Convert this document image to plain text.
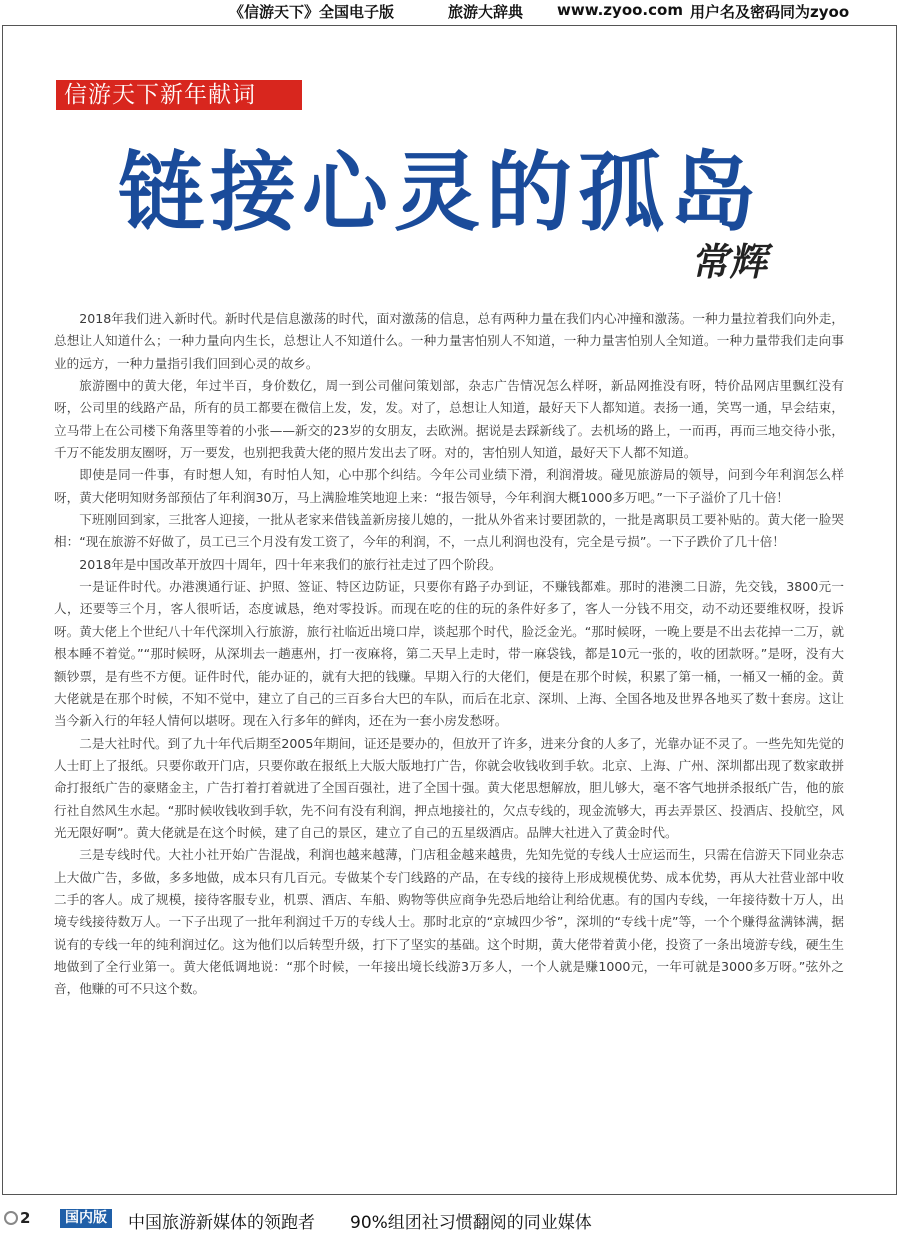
《信游天下》全国电子版	旅游大辞典 www.zyoo.com 用户名及密码同为zyoo
信游天下新年献词
链接心灵的孤岛
常辉

2018年我们进入新时代。新时代是信息激荡的时代，面对激荡的信息，总有两种力量在我们内心冲撞和激荡。一种力量拉着我们向外走，总想让人知道什么；一种力量向内生长，总想让人不知道什么。一种力量害怕别人不知道，一种力量害怕别人全知道。一种力量带我们走向事业的远方，一种力量指引我们回到心灵的故乡。

旅游圈中的黄大佬，年过半百，身价数亿，周一到公司催问策划部，杂志广告情况怎么样呀，新品网推没有呀，特价品网店里飘红没有呀，公司里的线路产品，所有的员工都要在微信上发，发，发。对了，总想让人知道，最好天下人都知道。表扬一通，笑骂一通，早会结束，立马带上在公司楼下角落里等着的小张——新交的23岁的女朋友，去欧洲。据说是去踩新线了。去机场的路上，一而再，再而三地交待小张，千万不能发朋友圈呀，万一要发，也别把我黄大佬的照片发出去了呀。对的，害怕别人知道，最好天下人都不知道。

即使是同一件事，有时想人知，有时怕人知，心中那个纠结。今年公司业绩下滑，利润滑坡。碰见旅游局的领导，问到今年利润怎么样呀，黄大佬明知财务部预估了年利润30万，马上满脸堆笑地迎上来：“报告领导，今年利润大概1000多万吧。”一下子溢价了几十倍！

下班刚回到家，三批客人迎接，一批从老家来借钱盖新房接儿媳的，一批从外省来讨要团款的，一批是离职员工要补贴的。黄大佬一脸哭相：“现在旅游不好做了，员工已三个月没有发工资了，今年的利润，不，一点儿利润也没有，完全是亏损”。一下子跌价了几十倍！

2018年是中国改革开放四十周年，四十年来我们的旅行社走过了四个阶段。

一是证件时代。办港澳通行证、护照、签证、特区边防证，只要你有路子办到证，不赚钱都难。那时的港澳二日游，先交钱，3800元一人，还要等三个月，客人很听话，态度诚恳，绝对零投诉。而现在吃的住的玩的条件好多了，客人一分钱不用交，动不动还要维权呀，投诉呀。黄大佬上个世纪八十年代深圳入行旅游，旅行社临近出境口岸，谈起那个时代，脸泛金光。“那时候呀，一晚上要是不出去花掉一二万，就根本睡不着觉。”“那时候呀，从深圳去一趟惠州，打一夜麻将，第二天早上走时，带一麻袋钱，都是10元一张的，收的团款呀。”是呀，没有大额钞票，是有些不方便。证件时代，能办证的，就有大把的钱赚。早期入行的大佬们，便是在那个时候，积累了第一桶，一桶又一桶的金。黄大佬就是在那个时候，不知不觉中，建立了自己的三百多台大巴的车队，而后在北京、深圳、上海、全国各地及世界各地买了数十套房。这让当今新入行的年轻人情何以堪呀。现在入行多年的鲜肉，还在为一套小房发愁呀。

二是大社时代。到了九十年代后期至2005年期间，证还是要办的，但放开了许多，进来分食的人多了，光靠办证不灵了。一些先知先觉的人士盯上了报纸。只要你敢开门店，只要你敢在报纸上大版大版地打广告，你就会收钱收到手软。北京、上海、广州、深圳都出现了数家敢拼命打报纸广告的豪赌金主，广告打着打着就进了全国百强社，进了全国十强。黄大佬思想解放，胆儿够大，毫不客气地拼杀报纸广告，他的旅行社自然风生水起。“那时候收钱收到手软，先不问有没有利润，押点地接社的，欠点专线的，现金流够大，再去弄景区、投酒店、投航空，风光无限好啊”。黄大佬就是在这个时候，建了自己的景区，建立了自己的五星级酒店。品牌大社进入了黄金时代。

三是专线时代。大社小社开始广告混战，利润也越来越薄，门店租金越来越贵，先知先觉的专线人士应运而生，只需在信游天下同业杂志上大做广告，多做，多多地做，成本只有几百元。专做某个专门线路的产品，在专线的接待上形成规模优势、成本优势，再从大社营业部中收二手的客人。成了规模，接待客服专业，机票、酒店、车船、购物等供应商争先恐后地给让利给优惠。有的国内专线，一年接待数十万人，出境专线接待数万人。一下子出现了一批年利润过千万的专线人士。那时北京的“京城四少爷”，深圳的“专线十虎”等，一个个赚得盆满钵满，据说有的专线一年的纯利润过亿。这为他们以后转型升级，打下了坚实的基础。这个时期，黄大佬带着黄小佬，投资了一条出境游专线，硬生生地做到了全行业第一。黄大佬低调地说：“那个时候，一年接出境长线游3万多人，一个人就是赚1000元，一年可就是3000多万呀。”弦外之音，他赚的可不只这个数。

2	国内版 中国旅游新媒体的领跑者 90%组团社习惯翻阅的同业媒体
